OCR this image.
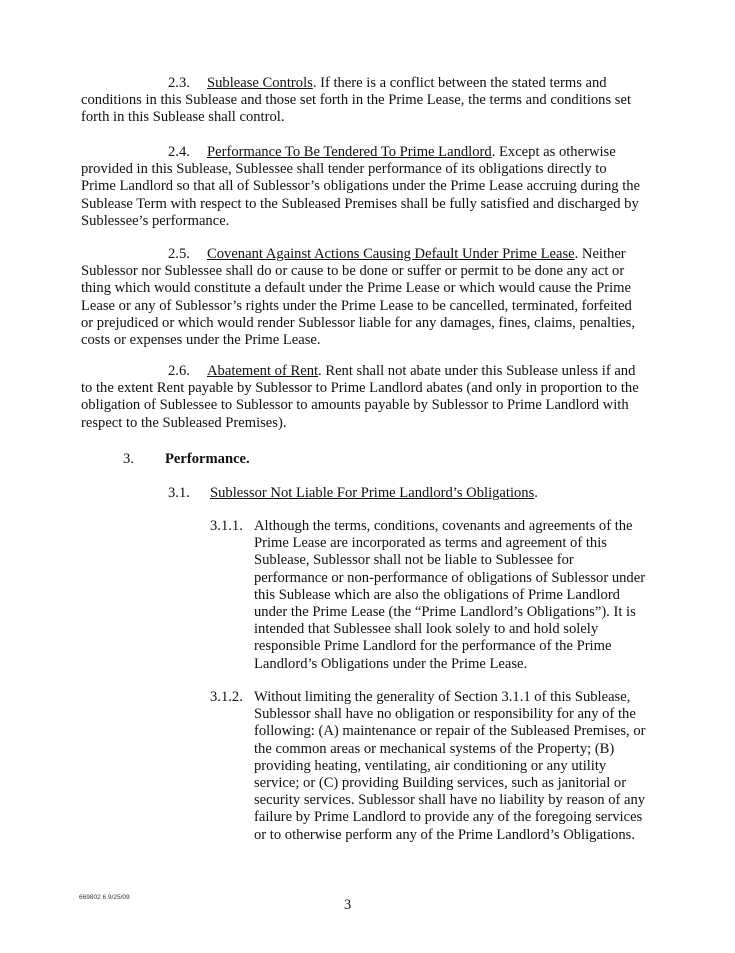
2.3. Sublease Controls. If there is a conflict between the stated terms and conditions in this Sublease and those set forth in the Prime Lease, the terms and conditions set forth in this Sublease shall control.

2.4. Performance To Be Tendered To Prime Landlord. Except as otherwise provided in this Sublease, Sublessee shall tender performance of its obligations directly to Prime Landlord so that all of Sublessor’s obligations under the Prime Lease accruing during the Sublease Term with respect to the Subleased Premises shall be fully satisfied and discharged by Sublessee’s performance.

2.5. Covenant Against Actions Causing Default Under Prime Lease. Neither Sublessor nor Sublessee shall do or cause to be done or suffer or permit to be done any act or thing which would constitute a default under the Prime Lease or which would cause the Prime Lease or any of Sublessor’s rights under the Prime Lease to be cancelled, terminated, forfeited or prejudiced or which would render Sublessor liable for any damages, fines, claims, penalties, costs or expenses under the Prime Lease.

2.6. Abatement of Rent. Rent shall not abate under this Sublease unless if and to the extent Rent payable by Sublessor to Prime Landlord abates (and only in proportion to the obligation of Sublessee to Sublessor to amounts payable by Sublessor to Prime Landlord with respect to the Subleased Premises).

3. Performance.
3.1. Sublessor Not Liable For Prime Landlord’s Obligations.

3.1.1. Although the terms, conditions, covenants and agreements of the Prime Lease are incorporated as terms and agreement of this Sublease, Sublessor shall not be liable to Sublessee for performance or non-performance of obligations of Sublessor under this Sublease which are also the obligations of Prime Landlord under the Prime Lease (the “Prime Landlord’s Obligations”). It is intended that Sublessee shall look solely to and hold solely responsible Prime Landlord for the performance of the Prime Landlord’s Obligations under the Prime Lease.

3.1.2. Without limiting the generality of Section 3.1.1 of this Sublease, Sublessor shall have no obligation or responsibility for any of the following: (A) maintenance or repair of the Subleased Premises, or the common areas or mechanical systems of the Property; (B) providing heating, ventilating, air conditioning or any utility service; or (C) providing Building services, such as janitorial or security services. Sublessor shall have no liability by reason of any failure by Prime Landlord to provide any of the foregoing services or to otherwise perform any of the Prime Landlord’s Obligations.

669802 6 9/25/09	3
